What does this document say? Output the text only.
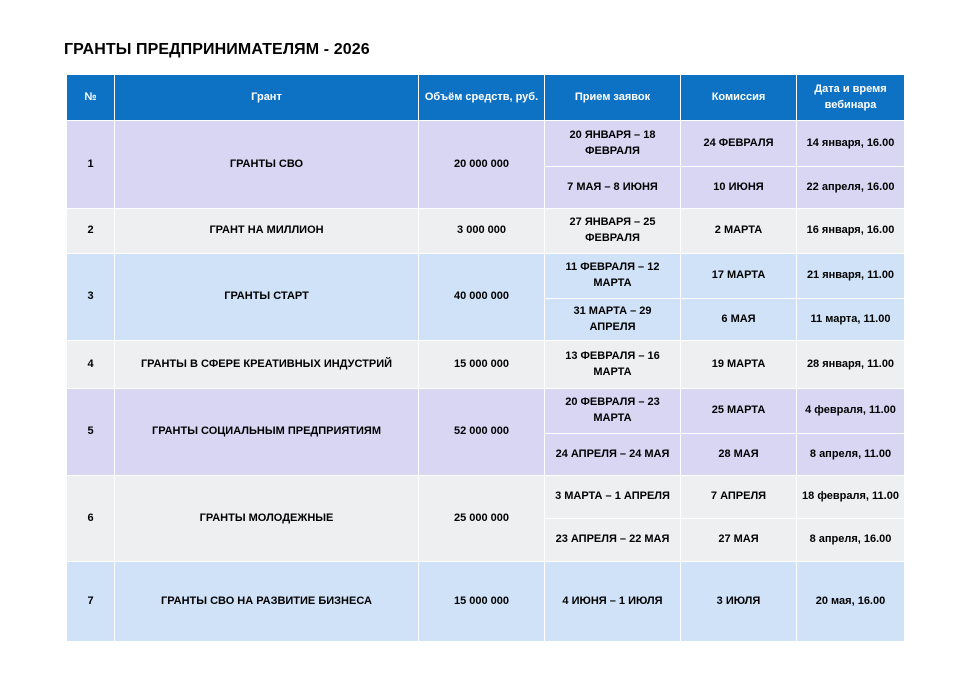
ГРАНТЫ ПРЕДПРИНИМАТЕЛЯМ - 2026
№	Грант	Объём средств, руб.	Прием заявок	Комиссия	Дата и время вебинара
1	ГРАНТЫ СВО	20 000 000	20 ЯНВАРЯ – 18 ФЕВРАЛЯ	24 ФЕВРАЛЯ	14 января, 16.00
			7 МАЯ – 8 ИЮНЯ	10 ИЮНЯ	22 апреля, 16.00
2	ГРАНТ НА МИЛЛИОН	3 000 000	27 ЯНВАРЯ – 25 ФЕВРАЛЯ	2 МАРТА	16 января, 16.00
3	ГРАНТЫ СТАРТ	40 000 000	11 ФЕВРАЛЯ – 12 МАРТА	17 МАРТА	21 января, 11.00
			31 МАРТА – 29 АПРЕЛЯ	6 МАЯ	11 марта, 11.00
4	ГРАНТЫ В СФЕРЕ КРЕАТИВНЫХ ИНДУСТРИЙ	15 000 000	13 ФЕВРАЛЯ – 16 МАРТА	19 МАРТА	28 января, 11.00
5	ГРАНТЫ СОЦИАЛЬНЫМ ПРЕДПРИЯТИЯМ	52 000 000	20 ФЕВРАЛЯ – 23 МАРТА	25 МАРТА	4 февраля, 11.00
			24 АПРЕЛЯ – 24 МАЯ	28 МАЯ	8 апреля, 11.00
6	ГРАНТЫ МОЛОДЕЖНЫЕ	25 000 000	3 МАРТА – 1 АПРЕЛЯ	7 АПРЕЛЯ	18 февраля, 11.00
			23 АПРЕЛЯ – 22 МАЯ	27 МАЯ	8 апреля, 16.00
7	ГРАНТЫ СВО НА РАЗВИТИЕ БИЗНЕСА	15 000 000	4 ИЮНЯ – 1 ИЮЛЯ	3 ИЮЛЯ	20 мая, 16.00
